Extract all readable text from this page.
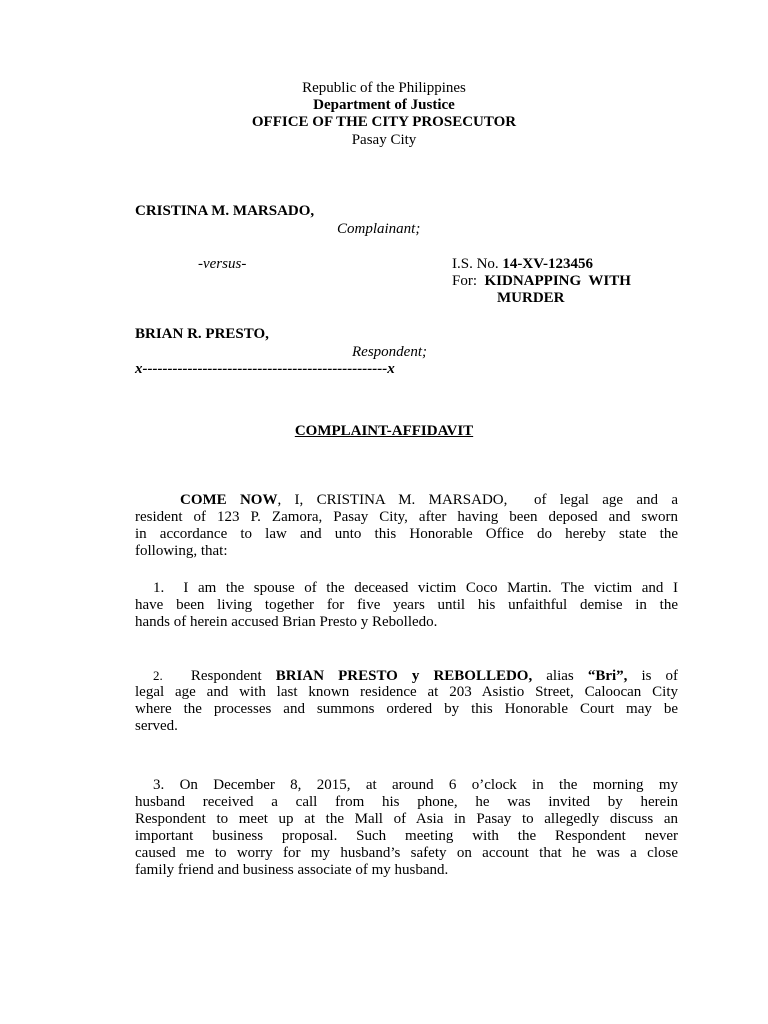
Republic of the Philippines
Department of Justice
OFFICE OF THE CITY PROSECUTOR
Pasay City
CRISTINA M. MARSADO,
Complainant;
-versus-	I.S. No. 14-XV-123456
For: KIDNAPPING  WITH
MURDER
BRIAN R. PRESTO,
Respondent;
x-------------------------------------------------x
COMPLAINT-AFFIDAVIT
COME NOW, I, CRISTINA M. MARSADO,  of legal age and a
resident of 123 P. Zamora, Pasay City, after having been deposed and sworn
in accordance to law and unto this Honorable Office do hereby state the
following, that:
1. I am the spouse of the deceased victim Coco Martin. The victim and I
have been living together for five years until his unfaithful demise in the
hands of herein accused Brian Presto y Rebolledo.
2. Respondent BRIAN PRESTO y REBOLLEDO, alias “Bri”, is of
legal age and with last known residence at 203 Asistio Street, Caloocan City
where the processes and summons ordered by this Honorable Court may be
served.
3. On December 8, 2015, at around 6 o’clock in the morning my
husband received a call from his phone, he was invited by herein
Respondent to meet up at the Mall of Asia in Pasay to allegedly discuss an
important business proposal. Such meeting with the Respondent never
caused me to worry for my husband’s safety on account that he was a close
family friend and business associate of my husband.
